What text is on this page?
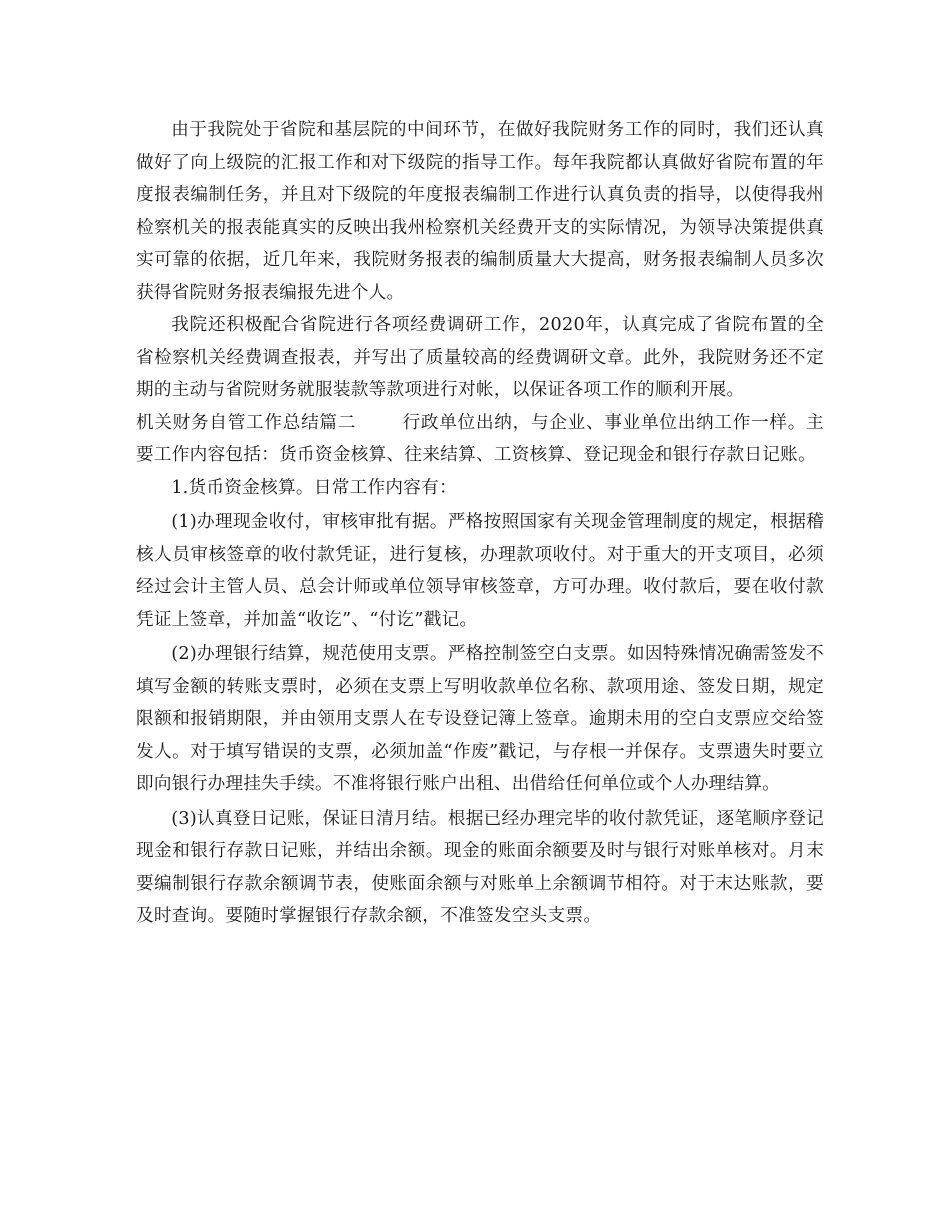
由于我院处于省院和基层院的中间环节，在做好我院财务工作的同时，我们还认真做好了向上级院的汇报工作和对下级院的指导工作。每年我院都认真做好省院布置的年度报表编制任务，并且对下级院的年度报表编制工作进行认真负责的指导，以使得我州检察机关的报表能真实的反映出我州检察机关经费开支的实际情况，为领导决策提供真实可靠的依据，近几年来，我院财务报表的编制质量大大提高，财务报表编制人员多次获得省院财务报表编报先进个人。

我院还积极配合省院进行各项经费调研工作，2020年，认真完成了省院布置的全省检察机关经费调查报表，并写出了质量较高的经费调研文章。此外，我院财务还不定期的主动与省院财务就服装款等款项进行对帐，以保证各项工作的顺利开展。

机关财务自管工作总结篇二	行政单位出纳，与企业、事业单位出纳工作一样。主要工作内容包括：货币资金核算、往来结算、工资核算、登记现金和银行存款日记账。

1.货币资金核算。日常工作内容有：

(1)办理现金收付，审核审批有据。严格按照国家有关现金管理制度的规定，根据稽核人员审核签章的收付款凭证，进行复核，办理款项收付。对于重大的开支项目，必须经过会计主管人员、总会计师或单位领导审核签章，方可办理。收付款后，要在收付款凭证上签章，并加盖“收讫”、“付讫”戳记。

(2)办理银行结算，规范使用支票。严格控制签空白支票。如因特殊情况确需签发不填写金额的转账支票时，必须在支票上写明收款单位名称、款项用途、签发日期，规定限额和报销期限，并由领用支票人在专设登记簿上签章。逾期未用的空白支票应交给签发人。对于填写错误的支票，必须加盖“作废”戳记，与存根一并保存。支票遗失时要立即向银行办理挂失手续。不准将银行账户出租、出借给任何单位或个人办理结算。

(3)认真登日记账，保证日清月结。根据已经办理完毕的收付款凭证，逐笔顺序登记现金和银行存款日记账，并结出余额。现金的账面余额要及时与银行对账单核对。月末要编制银行存款余额调节表，使账面余额与对账单上余额调节相符。对于末达账款，要及时查询。要随时掌握银行存款余额，不准签发空头支票。
